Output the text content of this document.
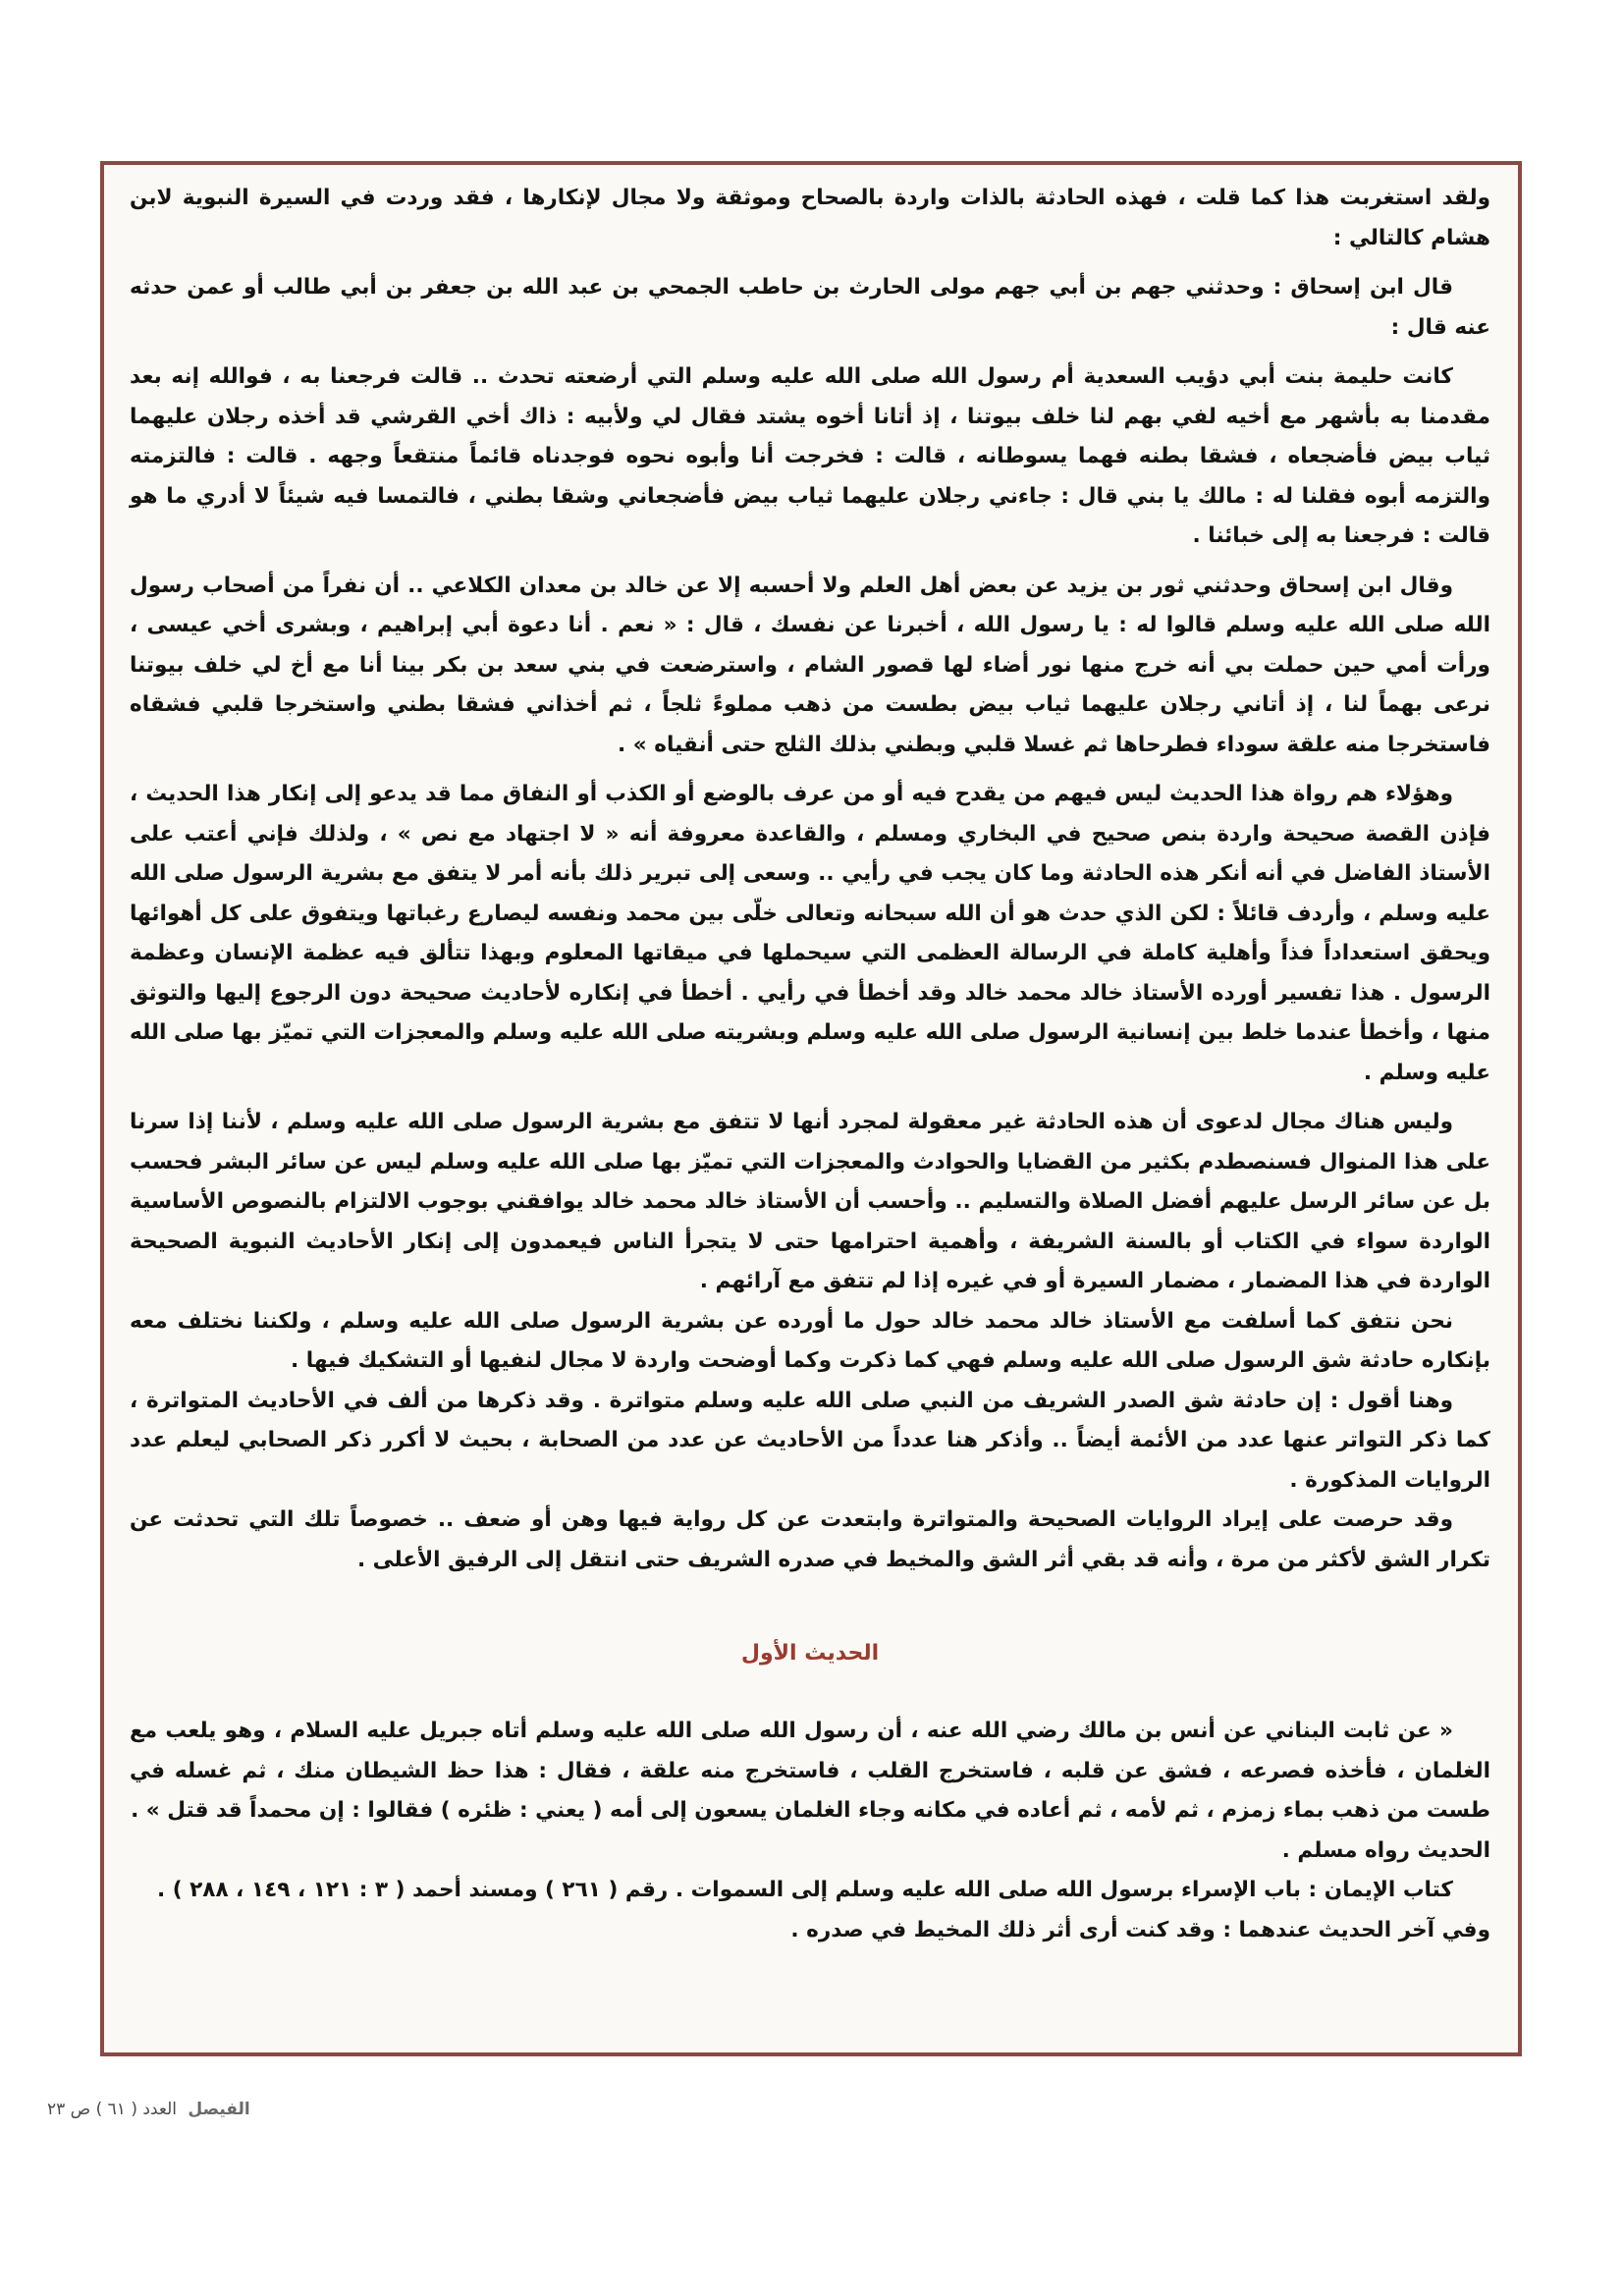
ولقد استغربت هذا كما قلت ، فهذه الحادثة بالذات واردة بالصحاح وموثقة ولا مجال لإنكارها ، فقد وردت في السيرة النبوية لابن هشام كالتالي :

قال ابن إسحاق : وحدثني جهم بن أبي جهم مولى الحارث بن حاطب الجمحي بن عبد الله بن جعفر بن أبي طالب أو عمن حدثه عنه قال :

كانت حليمة بنت أبي دؤيب السعدية أم رسول الله صلى الله عليه وسلم التي أرضعته تحدث .. قالت فرجعنا به ، فوالله إنه بعد مقدمنا به بأشهر مع أخيه لفي بهم لنا خلف بيوتنا ، إذ أتانا أخوه يشتد فقال لي ولأبيه : ذاك أخي القرشي قد أخذه رجلان عليهما ثياب بيض فأضجعاه ، فشقا بطنه فهما يسوطانه ، قالت : فخرجت أنا وأبوه نحوه فوجدناه قائماً منتقعاً وجهه . قالت : فالتزمته والتزمه أبوه فقلنا له : مالك يا بني قال : جاءني رجلان عليهما ثياب بيض فأضجعاني وشقا بطني ، فالتمسا فيه شيئاً لا أدري ما هو قالت : فرجعنا به إلى خبائنا .

وقال ابن إسحاق وحدثني ثور بن يزيد عن بعض أهل العلم ولا أحسبه إلا عن خالد بن معدان الكلاعي .. أن نفراً من أصحاب رسول الله صلى الله عليه وسلم قالوا له : يا رسول الله ، أخبرنا عن نفسك ، قال : « نعم . أنا دعوة أبي إبراهيم ، وبشرى أخي عيسى ، ورأت أمي حين حملت بي أنه خرج منها نور أضاء لها قصور الشام ، واسترضعت في بني سعد بن بكر بينا أنا مع أخ لي خلف بيوتنا نرعى بهماً لنا ، إذ أتاني رجلان عليهما ثياب بيض بطست من ذهب مملوءً ثلجاً ، ثم أخذاني فشقا بطني واستخرجا قلبي فشقاه فاستخرجا منه علقة سوداء فطرحاها ثم غسلا قلبي وبطني بذلك الثلج حتى أنقياه » .

وهؤلاء هم رواة هذا الحديث ليس فيهم من يقدح فيه أو من عرف بالوضع أو الكذب أو النفاق مما قد يدعو إلى إنكار هذا الحديث ، فإذن القصة صحيحة واردة بنص صحيح في البخاري ومسلم ، والقاعدة معروفة أنه « لا اجتهاد مع نص » ، ولذلك فإني أعتب على الأستاذ الفاضل في أنه أنكر هذه الحادثة وما كان يجب في رأيي .. وسعى إلى تبرير ذلك بأنه أمر لا يتفق مع بشرية الرسول صلى الله عليه وسلم ، وأردف قائلاً : لكن الذي حدث هو أن الله سبحانه وتعالى خلّى بين محمد ونفسه ليصارع رغباتها ويتفوق على كل أهوائها ويحقق استعداداً فذاً وأهلية كاملة في الرسالة العظمى التي سيحملها في ميقاتها المعلوم وبهذا تتألق فيه عظمة الإنسان وعظمة الرسول . هذا تفسير أورده الأستاذ خالد محمد خالد وقد أخطأ في رأيي . أخطأ في إنكاره لأحاديث صحيحة دون الرجوع إليها والتوثق منها ، وأخطأ عندما خلط بين إنسانية الرسول صلى الله عليه وسلم وبشريته صلى الله عليه وسلم والمعجزات التي تميّز بها صلى الله عليه وسلم .

وليس هناك مجال لدعوى أن هذه الحادثة غير معقولة لمجرد أنها لا تتفق مع بشرية الرسول صلى الله عليه وسلم ، لأننا إذا سرنا على هذا المنوال فسنصطدم بكثير من القضايا والحوادث والمعجزات التي تميّز بها صلى الله عليه وسلم ليس عن سائر البشر فحسب بل عن سائر الرسل عليهم أفضل الصلاة والتسليم .. وأحسب أن الأستاذ خالد محمد خالد يوافقني بوجوب الالتزام بالنصوص الأساسية الواردة سواء في الكتاب أو بالسنة الشريفة ، وأهمية احترامها حتى لا يتجرأ الناس فيعمدون إلى إنكار الأحاديث النبوية الصحيحة الواردة في هذا المضمار ، مضمار السيرة أو في غيره إذا لم تتفق مع آرائهم .

نحن نتفق كما أسلفت مع الأستاذ خالد محمد خالد حول ما أورده عن بشرية الرسول صلى الله عليه وسلم ، ولكننا نختلف معه بإنكاره حادثة شق الرسول صلى الله عليه وسلم فهي كما ذكرت وكما أوضحت واردة لا مجال لنفيها أو التشكيك فيها .

وهنا أقول : إن حادثة شق الصدر الشريف من النبي صلى الله عليه وسلم متواترة . وقد ذكرها من ألف في الأحاديث المتواترة ، كما ذكر التواتر عنها عدد من الأئمة أيضاً .. وأذكر هنا عدداً من الأحاديث عن عدد من الصحابة ، بحيث لا أكرر ذكر الصحابي ليعلم عدد الروايات المذكورة .

وقد حرصت على إيراد الروايات الصحيحة والمتواترة وابتعدت عن كل رواية فيها وهن أو ضعف .. خصوصاً تلك التي تحدثت عن تكرار الشق لأكثر من مرة ، وأنه قد بقي أثر الشق والمخيط في صدره الشريف حتى انتقل إلى الرفيق الأعلى .

الحديث الأول

« عن ثابت البناني عن أنس بن مالك رضي الله عنه ، أن رسول الله صلى الله عليه وسلم أتاه جبريل عليه السلام ، وهو يلعب مع الغلمان ، فأخذه فصرعه ، فشق عن قلبه ، فاستخرج القلب ، فاستخرج منه علقة ، فقال : هذا حظ الشيطان منك ، ثم غسله في طست من ذهب بماء زمزم ، ثم لأمه ، ثم أعاده في مكانه وجاء الغلمان يسعون إلى أمه ( يعني : ظئره ) فقالوا : إن محمداً قد قتل » .

الحديث رواه مسلم .

كتاب الإيمان : باب الإسراء برسول الله صلى الله عليه وسلم إلى السموات . رقم ( ٢٦١ ) ومسند أحمد ( ٣ : ١٢١ ، ١٤٩ ، ٢٨٨ ) .

وفي آخر الحديث عندهما : وقد كنت أرى أثر ذلك المخيط في صدره .

الفيصل العدد ( ٦١ ) ص ٢٣
